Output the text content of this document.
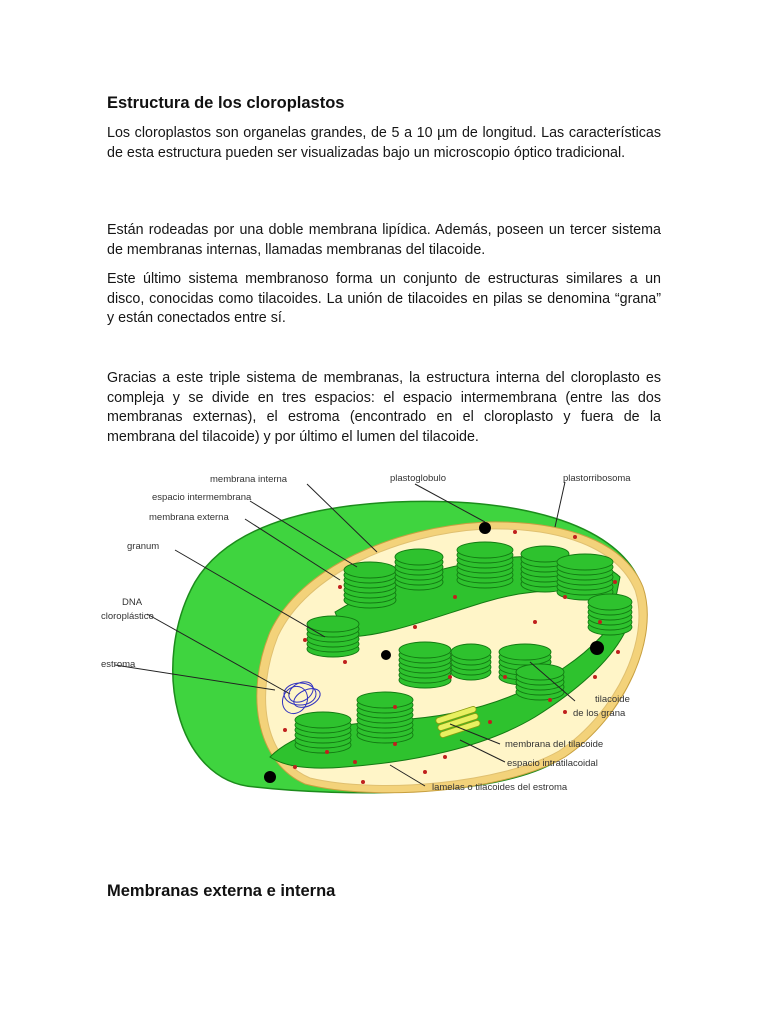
Estructura de los cloroplastos

Los cloroplastos son organelas grandes, de 5 a 10 µm de longitud. Las características de esta estructura pueden ser visualizadas bajo un microscopio óptico tradicional.

Están rodeadas por una doble membrana lipídica. Además, poseen un tercer sistema de membranas internas, llamadas membranas del tilacoide.

Este último sistema membranoso forma un conjunto de estructuras similares a un disco, conocidas como tilacoides. La unión de tilacoides en pilas se denomina “grana” y están conectados entre sí.

Gracias a este triple sistema de membranas, la estructura interna del cloroplasto es compleja y se divide en tres espacios: el espacio intermembrana (entre las dos membranas externas), el estroma (encontrado en el cloroplasto y fuera de la membrana del tilacoide) y por último el lumen del tilacoide.

membrana interna	plastoglobulo	plastorribosoma
espacio intermembrana
membrana externa
granum
DNA
cloroplástico
estroma
tilacoide
de los grana
membrana del tilacoide
espacio intratilacoidal
lamelas o tilacoides del estroma
Membranas externa e interna
